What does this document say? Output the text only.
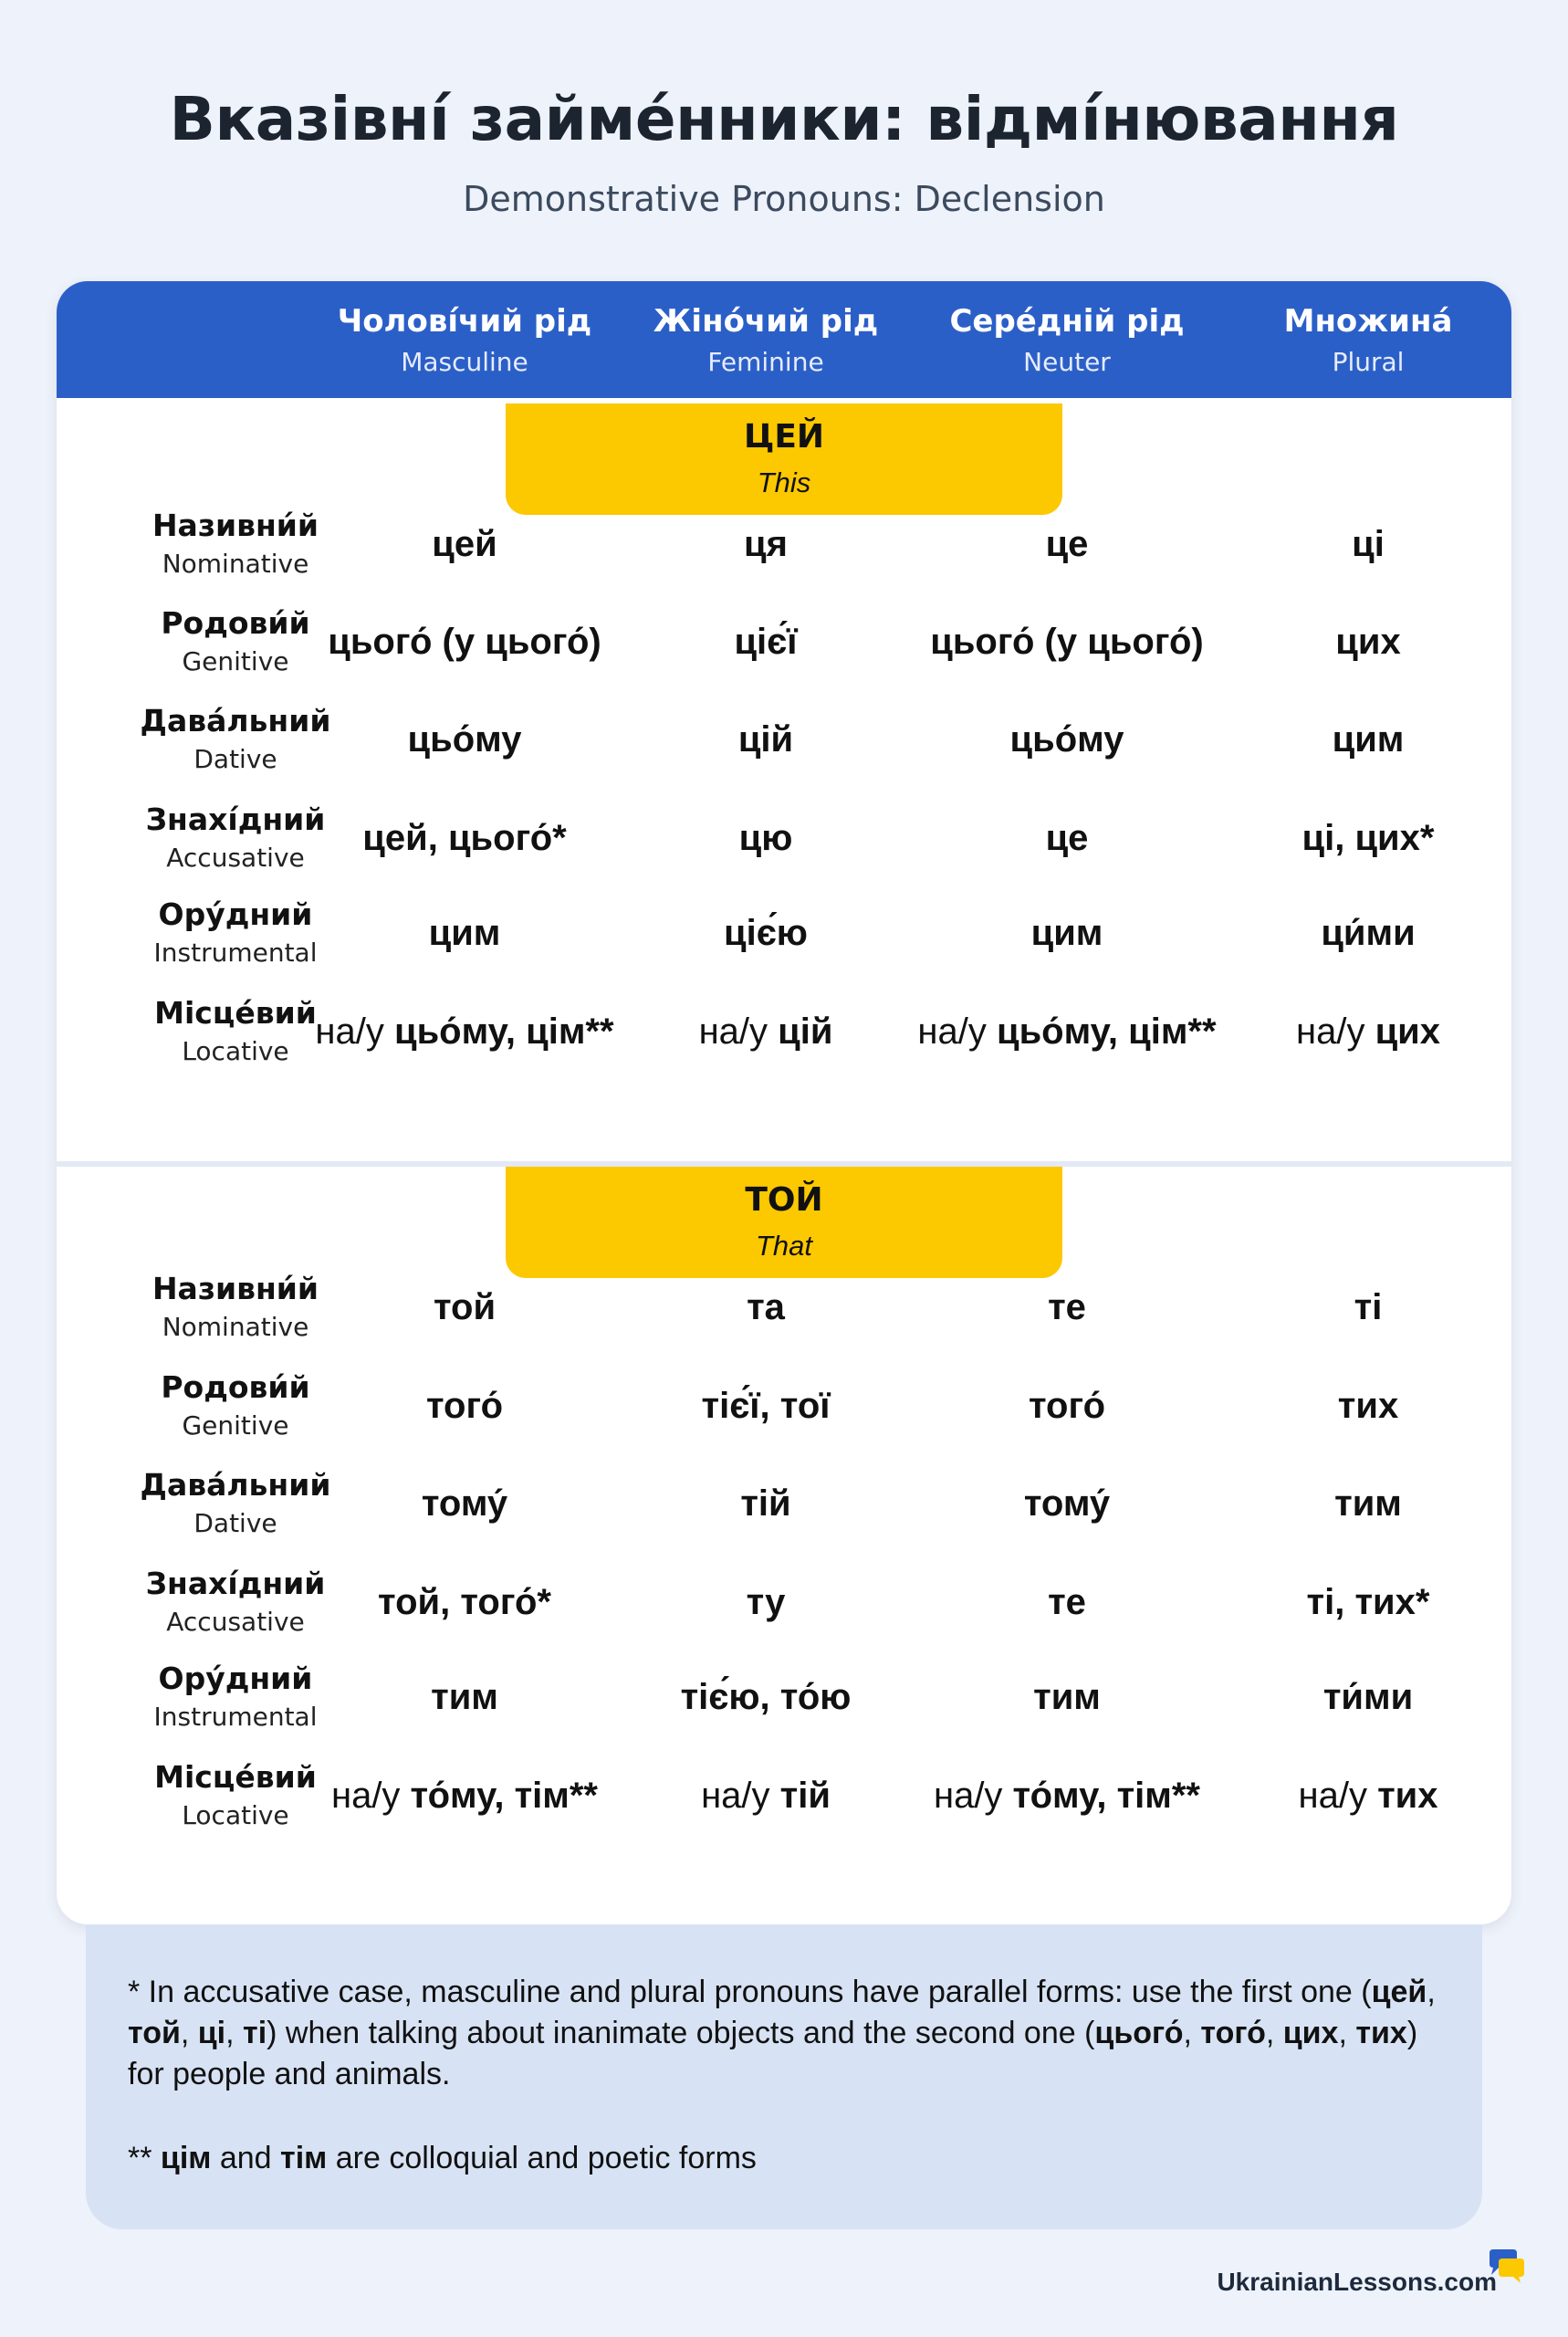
Вказівні́ займе́нники: відмі́нювання
Demonstrative Pronouns: Declension
Чолові́чий рід
Masculine
Жіно́чий рід
Feminine
Сере́дній рід
Neuter
Множина́
Plural
ЦЕЙ
This
Називни́й
Nominative	цей	ця	це	ці
Родови́й
Genitive	цього́ (у цього́)	ціє́ї	цього́ (у цього́)	цих
Дава́льний
Dative	цьо́му	цій	цьо́му	цим
Знахі́дний
Accusative	цей, цього́*	цю	це	ці, цих*
Ору́дний
Instrumental	цим	ціє́ю	цим	ци́ми
Місце́вий
Locative на/у цьо́му, цім**	на/у цій	на/у цьо́му, цім**	на/у цих
ТОЙ
That
Називни́й
Nominative	той	та	те	ті
Родови́й
Genitive	того́	тіє́ї, тої	того́	тих
Дава́льний
Dative	тому́	тій	тому́	тим
Знахі́дний
Accusative	той, того́*	ту	те	ті, тих*
Ору́дний
Instrumental	тим	тіє́ю, то́ю	тим	ти́ми
Місце́вий
Locative	на/у то́му, тім**	на/у тій	на/у то́му, тім**	на/у тих
* In accusative case, masculine and plural pronouns have parallel forms: use the first one (цей, той, ці, ті) when talking about inanimate objects and the second one (цього́, того́, цих, тих) for people and animals.
** цім and тім are colloquial and poetic forms
UkrainianLessons.com
